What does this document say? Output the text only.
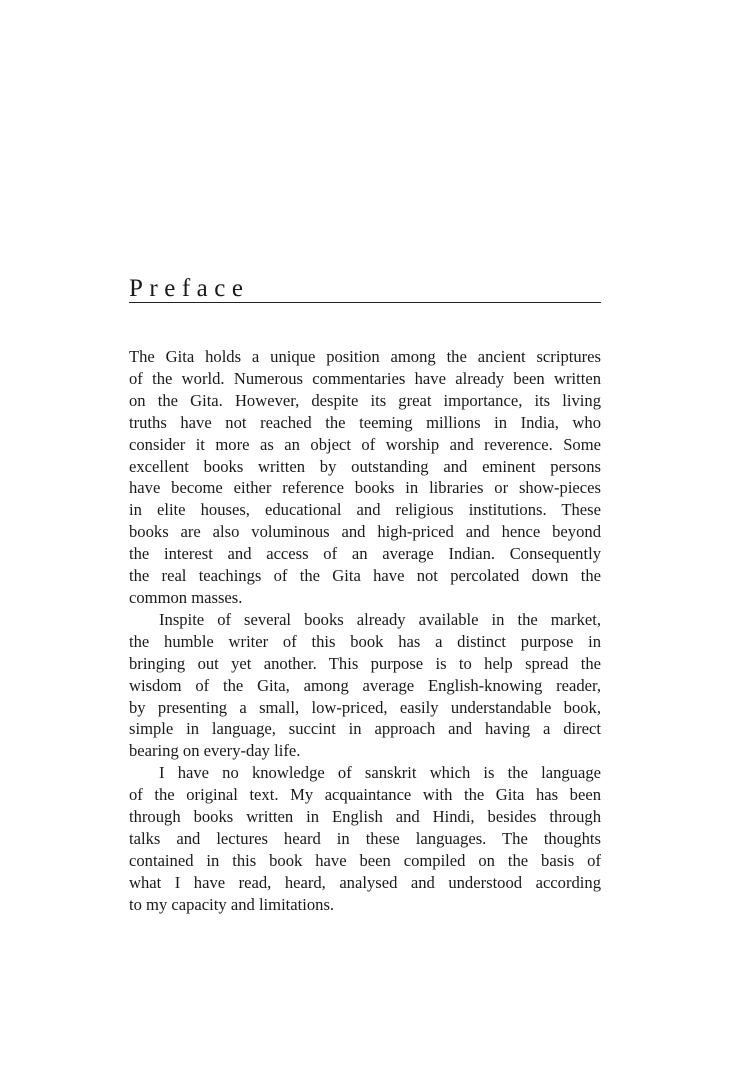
Preface
The Gita holds a unique position among the ancient scriptures
of the world. Numerous commentaries have already been written
on the Gita. However, despite its great importance, its living
truths have not reached the teeming millions in India, who
consider it more as an object of worship and reverence. Some
excellent books written by outstanding and eminent persons
have become either reference books in libraries or show-pieces
in elite houses, educational and religious institutions. These
books are also voluminous and high-priced and hence beyond
the interest and access of an average Indian. Consequently
the real teachings of the Gita have not percolated down the
common masses.
Inspite of several books already available in the market,
the humble writer of this book has a distinct purpose in
bringing out yet another. This purpose is to help spread the
wisdom of the Gita, among average English-knowing reader,
by presenting a small, low-priced, easily understandable book,
simple in language, succint in approach and having a direct
bearing on every-day life.
I have no knowledge of sanskrit which is the language
of the original text. My acquaintance with the Gita has been
through books written in English and Hindi, besides through
talks and lectures heard in these languages. The thoughts
contained in this book have been compiled on the basis of
what I have read, heard, analysed and understood according
to my capacity and limitations.
